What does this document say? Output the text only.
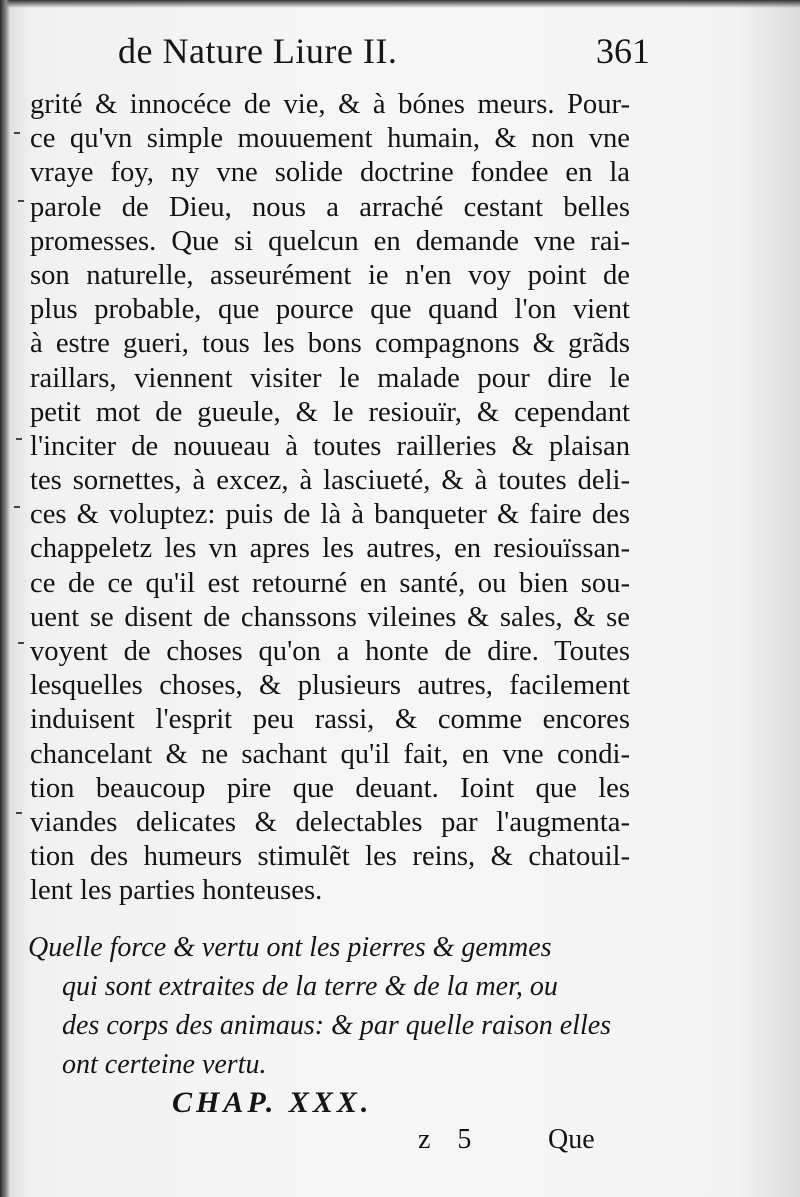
de Nature Liure II.	361
grité & innocéce de vie, & à bónes meurs. Pour-
ce qu'vn simple mouuement humain, & non vne
vraye foy, ny vne solide doctrine fondee en la
parole de Dieu, nous a arraché cestant belles
promesses. Que si quelcun en demande vne rai-
son naturelle, asseurément ie n'en voy point de
plus probable, que pource que quand l'on vient
à estre gueri, tous les bons compagnons & grãds
raillars, viennent visiter le malade pour dire le
petit mot de gueule, & le resiouïr, & cependant
l'inciter de nouueau à toutes railleries & plaisan
tes sornettes, à excez, à lasciueté, & à toutes deli-
ces & voluptez: puis de là à banqueter & faire des
chappeletz les vn apres les autres, en resiouïssan-
ce de ce qu'il est retourné en santé, ou bien sou-
uent se disent de chanssons vileines & sales, & se
voyent de choses qu'on a honte de dire. Toutes
lesquelles choses, & plusieurs autres, facilement
induisent l'esprit peu rassi, & comme encores
chancelant & ne sachant qu'il fait, en vne condi-
tion beaucoup pire que deuant. Ioint que les
viandes delicates & delectables par l'augmenta-
tion des humeurs stimulẽt les reins, & chatouil-
lent les parties honteuses.
Quelle force & vertu ont les pierres & gemmes
qui sont extraites de la terre & de la mer, ou
des corps des animaus: & par quelle raison elles
ont certeine vertu.
CHAP. XXX.
z 5 Que
